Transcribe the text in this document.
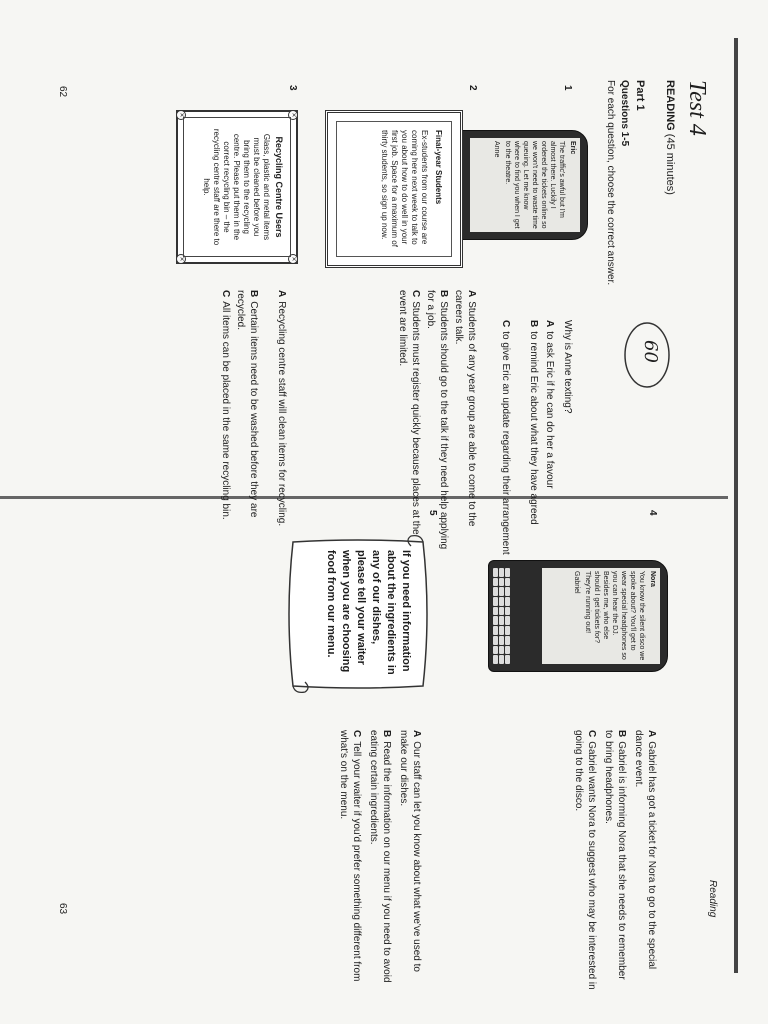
Test 4
READING (45 minutes)
Part 1
Questions 1-5
For each question, choose the correct answer.
60
1
Eric
The traffic's awful but I'm almost there. Luckily I ordered the tickets online so we won't need to waste time queuing. Let me know where to find you when I get to the theatre.
Anne
Why is Anne texting?
Ato ask Eric if he can do her a favour
Bto remind Eric about what they have agreed
Cto give Eric an update regarding their arrangement
2
Final-year Students
Ex-students from our course are coming here next week to talk to you about how to do well in your first job. Space for a maximum of thirty students, so sign up now.
AStudents of any year group are able to come to the careers talk.
BStudents should go to the talk if they need help applying for a job.
CStudents must register quickly because places at the event are limited.
3
✕
✕
✕
✕
Recycling Centre Users
Glass, plastic and metal items must be cleaned before you bring them to the recycling centre. Please put them in the correct recycling bin – the recycling centre staff are there to help.
ARecycling centre staff will clean items for recycling.
BCertain items need to be washed before they are recycled.
CAll items can be placed in the same recycling bin.
62
Reading
4
Nora
You know the silent disco we spoke about? You'll get to wear special headphones so you can hear the DJ. Besides me, who else should I get tickets for? They're running out!
Gabriel
AGabriel has got a ticket for Nora to go to the special dance event.
BGabriel is informing Nora that she needs to remember to bring headphones.
CGabriel wants Nora to suggest who may be interested in going to the disco.
5
If you need information about the ingredients in any of our dishes, please tell your waiter when you are choosing food from our menu.
AOur staff can let you know about what we've used to make our dishes.
BRead the information on our menu if you need to avoid eating certain ingredients.
CTell your waiter if you'd prefer something different from what's on the menu.
63
